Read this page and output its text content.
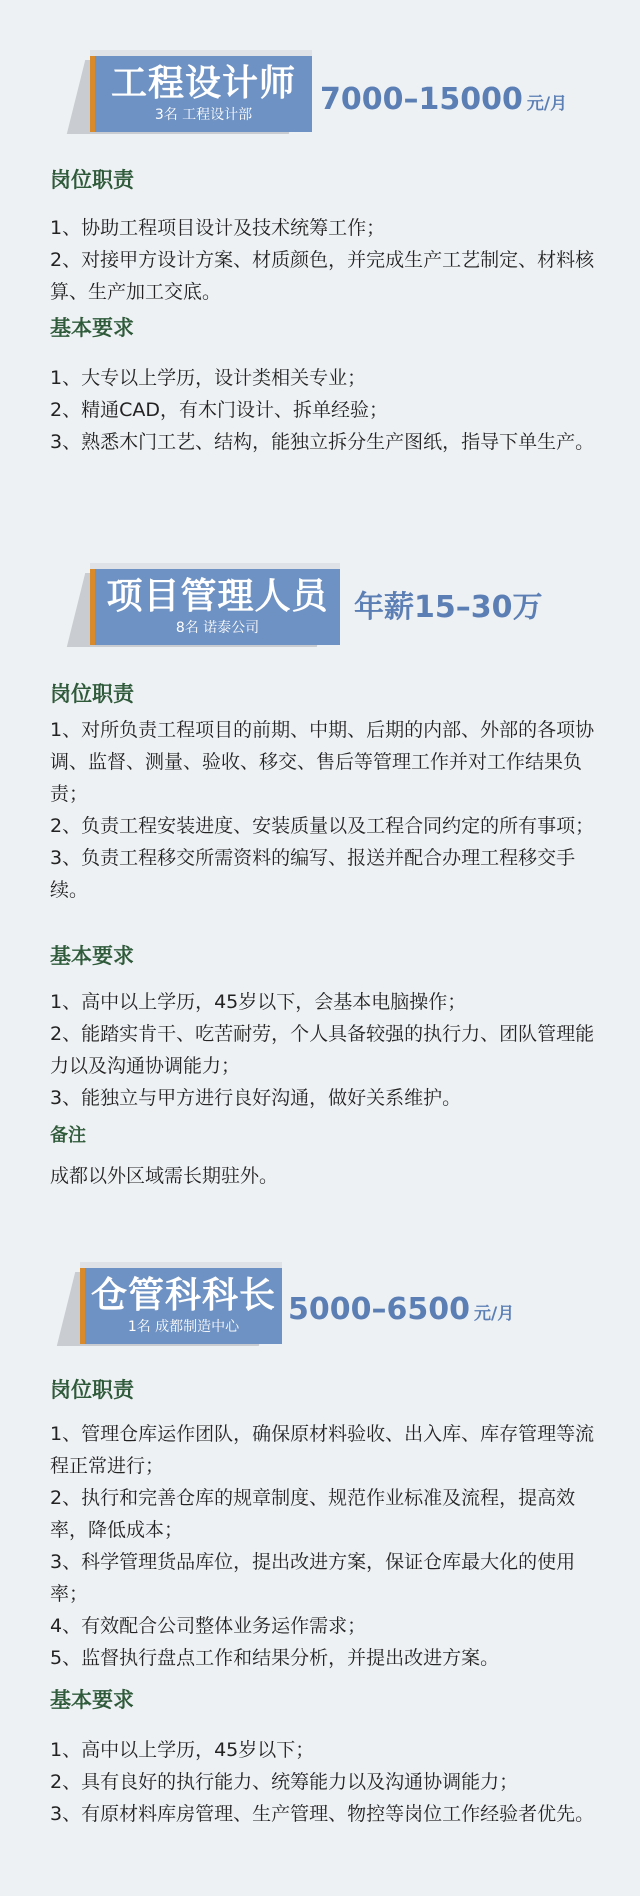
工程设计师
3名 工程设计部	7000–15000 元/月
岗位职责

1、协助工程项目设计及技术统筹工作；

2、对接甲方设计方案、材质颜色，并完成生产工艺制定、材料核算、生产加工交底。

基本要求

1、大专以上学历，设计类相关专业；

2、精通CAD，有木门设计、拆单经验；

3、熟悉木门工艺、结构，能独立拆分生产图纸，指导下单生产。

项目管理人员
8名 诺泰公司
年薪15–30万
岗位职责

1、对所负责工程项目的前期、中期、后期的内部、外部的各项协调、监督、测量、验收、移交、售后等管理工作并对工作结果负责；

2、负责工程安装进度、安装质量以及工程合同约定的所有事项；

3、负责工程移交所需资料的编写、报送并配合办理工程移交手续。

基本要求

1、高中以上学历，45岁以下，会基本电脑操作；

2、能踏实肯干、吃苦耐劳，个人具备较强的执行力、团队管理能力以及沟通协调能力；

3、能独立与甲方进行良好沟通，做好关系维护。

备注

成都以外区域需长期驻外。

仓管科科长
1名 成都制造中心	5000–6500 元/月
岗位职责

1、管理仓库运作团队，确保原材料验收、出入库、库存管理等流程正常进行；

2、执行和完善仓库的规章制度、规范作业标准及流程，提高效率，降低成本；

3、科学管理货品库位，提出改进方案，保证仓库最大化的使用率；

4、有效配合公司整体业务运作需求；

5、监督执行盘点工作和结果分析，并提出改进方案。

基本要求

1、高中以上学历，45岁以下；

2、具有良好的执行能力、统筹能力以及沟通协调能力；

3、有原材料库房管理、生产管理、物控等岗位工作经验者优先。
